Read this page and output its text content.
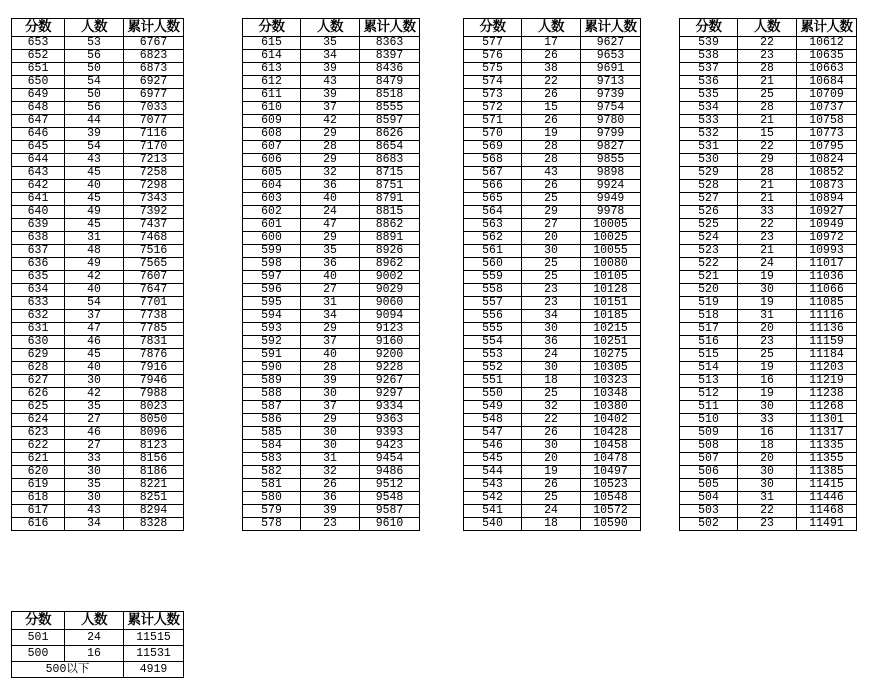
分数	人数	累计人数
653	53	6767
652	56	6823
651	50	6873
650	54	6927
649	50	6977
648	56	7033
647	44	7077
646	39	7116
645	54	7170
644	43	7213
643	45	7258
642	40	7298
641	45	7343
640	49	7392
639	45	7437
638	31	7468
637	48	7516
636	49	7565
635	42	7607
634	40	7647
633	54	7701
632	37	7738
631	47	7785
630	46	7831
629	45	7876
628	40	7916
627	30	7946
626	42	7988
625	35	8023
624	27	8050
623	46	8096
622	27	8123
621	33	8156
620	30	8186
619	35	8221
618	30	8251
617	43	8294
616	34	8328
分数	人数	累计人数
615	35	8363
614	34	8397
613	39	8436
612	43	8479
611	39	8518
610	37	8555
609	42	8597
608	29	8626
607	28	8654
606	29	8683
605	32	8715
604	36	8751
603	40	8791
602	24	8815
601	47	8862
600	29	8891
599	35	8926
598	36	8962
597	40	9002
596	27	9029
595	31	9060
594	34	9094
593	29	9123
592	37	9160
591	40	9200
590	28	9228
589	39	9267
588	30	9297
587	37	9334
586	29	9363
585	30	9393
584	30	9423
583	31	9454
582	32	9486
581	26	9512
580	36	9548
579	39	9587
578	23	9610
分数	人数	累计人数
577	17	9627
576	26	9653
575	38	9691
574	22	9713
573	26	9739
572	15	9754
571	26	9780
570	19	9799
569	28	9827
568	28	9855
567	43	9898
566	26	9924
565	25	9949
564	29	9978
563	27	10005
562	20	10025
561	30	10055
560	25	10080
559	25	10105
558	23	10128
557	23	10151
556	34	10185
555	30	10215
554	36	10251
553	24	10275
552	30	10305
551	18	10323
550	25	10348
549	32	10380
548	22	10402
547	26	10428
546	30	10458
545	20	10478
544	19	10497
543	26	10523
542	25	10548
541	24	10572
540	18	10590
分数	人数	累计人数
539	22	10612
538	23	10635
537	28	10663
536	21	10684
535	25	10709
534	28	10737
533	21	10758
532	15	10773
531	22	10795
530	29	10824
529	28	10852
528	21	10873
527	21	10894
526	33	10927
525	22	10949
524	23	10972
523	21	10993
522	24	11017
521	19	11036
520	30	11066
519	19	11085
518	31	11116
517	20	11136
516	23	11159
515	25	11184
514	19	11203
513	16	11219
512	19	11238
511	30	11268
510	33	11301
509	16	11317
508	18	11335
507	20	11355
506	30	11385
505	30	11415
504	31	11446
503	22	11468
502	23	11491
分数	人数	累计人数
501	24	11515
500	16	11531
500以下		4919
